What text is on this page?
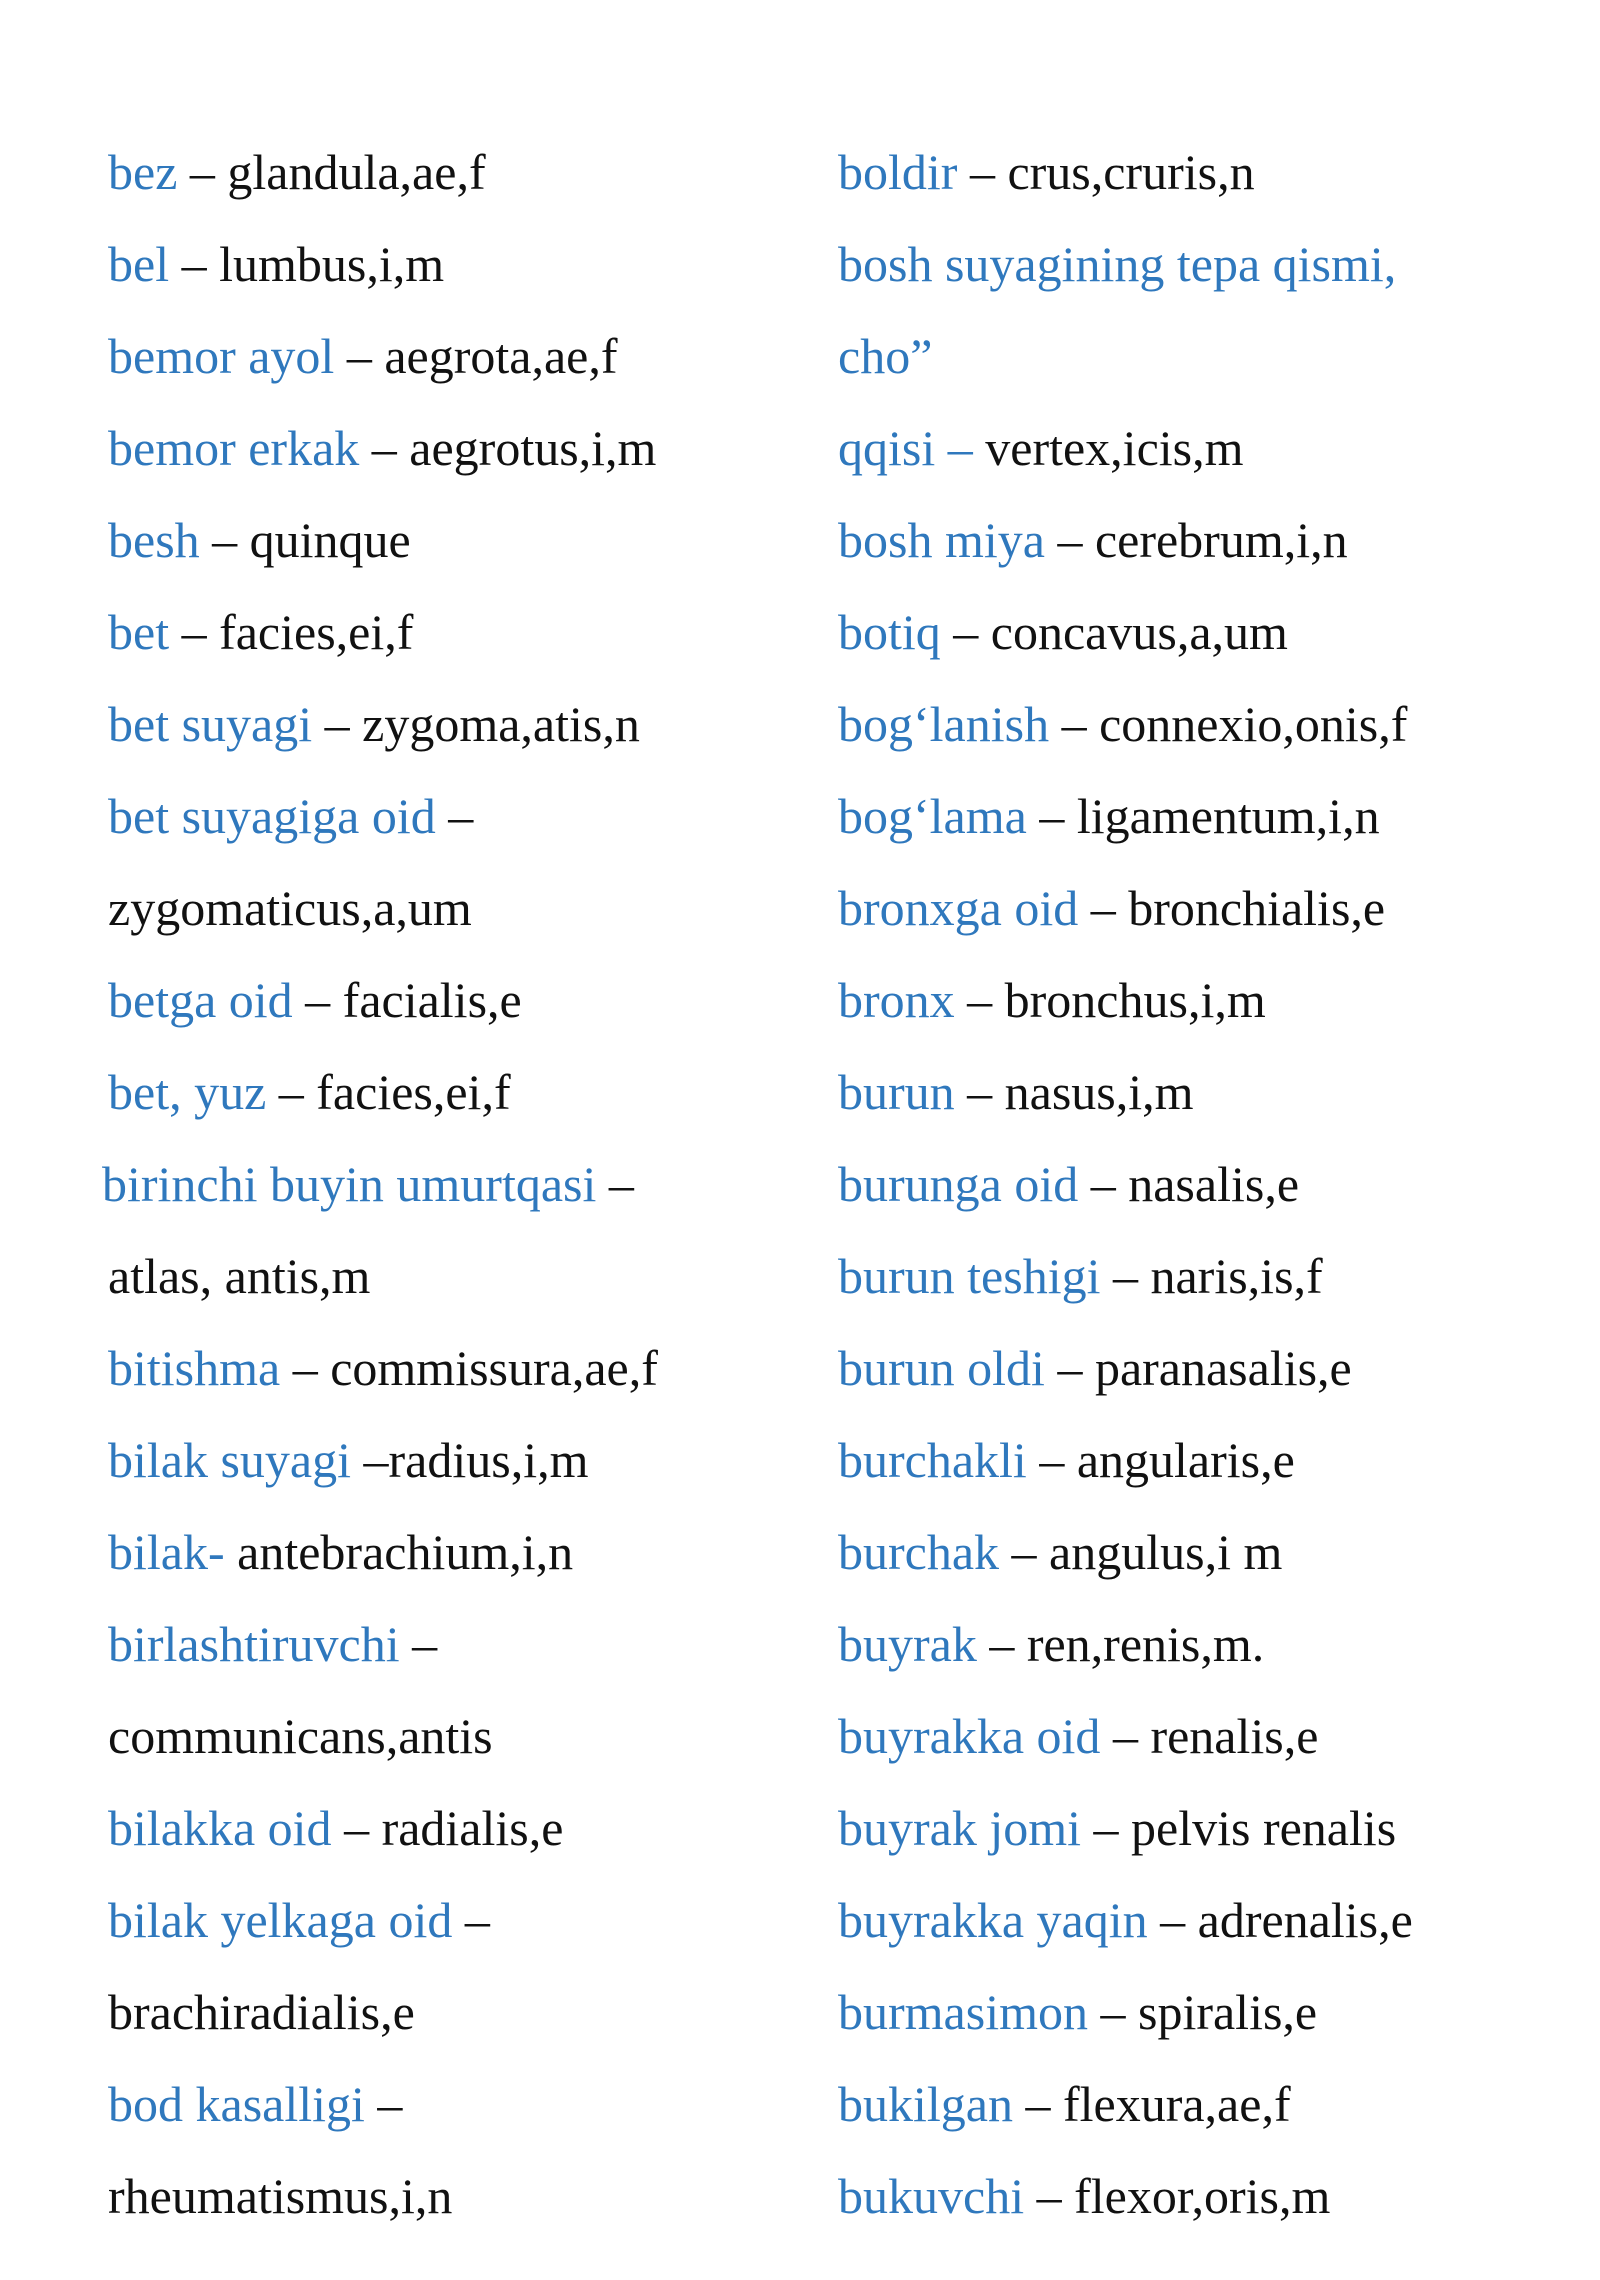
bez – glandula,ae,f
bel – lumbus,i,m
bemor ayol – aegrota,ae,f
bemor erkak – aegrotus,i,m
besh – quinque
bet – facies,ei,f
bet suyagi – zygoma,atis,n
bet suyagiga oid –
zygomaticus,a,um
betga oid – facialis,e
bet, yuz – facies,ei,f
birinchi buyin umurtqasi –
atlas, antis,m
bitishma – commissura,ae,f
bilak suyagi –radius,i,m
bilak- antebrachium,i,n
birlashtiruvchi –
communicans,antis
bilakka oid – radialis,e
bilak yelkaga oid –
brachiradialis,e
bod kasalligi –
rheumatismus,i,n
boldir – crus,cruris,n
bosh suyagining tepa qismi,
cho”
qqisi – vertex,icis,m
bosh miya – cerebrum,i,n
botiq – concavus,a,um
bog‘lanish – connexio,onis,f
bog‘lama – ligamentum,i,n
bronxga oid – bronchialis,e
bronx – bronchus,i,m
burun – nasus,i,m
burunga oid – nasalis,e
burun teshigi – naris,is,f
burun oldi – paranasalis,e
burchakli – angularis,e
burchak – angulus,i m
buyrak – ren,renis,m.
buyrakka oid – renalis,e
buyrak jomi – pelvis renalis
buyrakka yaqin – adrenalis,e
burmasimon – spiralis,e
bukilgan – flexura,ae,f
bukuvchi – flexor,oris,m
